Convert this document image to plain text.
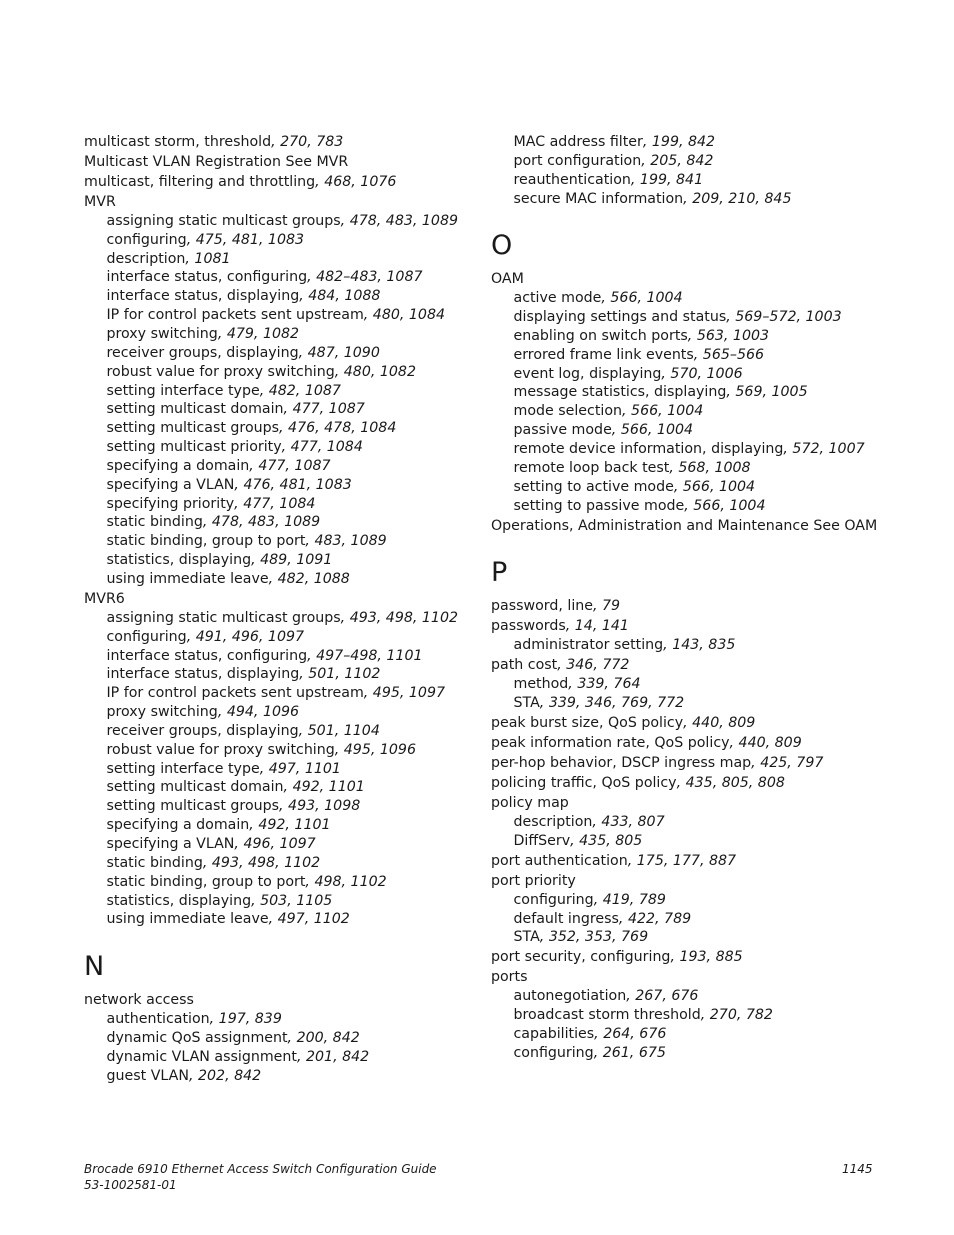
multicast storm, threshold, 270, 783
Multicast VLAN Registration See MVR
multicast, filtering and throttling, 468, 1076
MVR
assigning static multicast groups, 478, 483, 1089
configuring, 475, 481, 1083
description, 1081
interface status, configuring, 482–483, 1087
interface status, displaying, 484, 1088
IP for control packets sent upstream, 480, 1084
proxy switching, 479, 1082
receiver groups, displaying, 487, 1090
robust value for proxy switching, 480, 1082
setting interface type, 482, 1087
setting multicast domain, 477, 1087
setting multicast groups, 476, 478, 1084
setting multicast priority, 477, 1084
specifying a domain, 477, 1087
specifying a VLAN, 476, 481, 1083
specifying priority, 477, 1084
static binding, 478, 483, 1089
static binding, group to port, 483, 1089
statistics, displaying, 489, 1091
using immediate leave, 482, 1088
MVR6
assigning static multicast groups, 493, 498, 1102
configuring, 491, 496, 1097
interface status, configuring, 497–498, 1101
interface status, displaying, 501, 1102
IP for control packets sent upstream, 495, 1097
proxy switching, 494, 1096
receiver groups, displaying, 501, 1104
robust value for proxy switching, 495, 1096
setting interface type, 497, 1101
setting multicast domain, 492, 1101
setting multicast groups, 493, 1098
specifying a domain, 492, 1101
specifying a VLAN, 496, 1097
static binding, 493, 498, 1102
static binding, group to port, 498, 1102
statistics, displaying, 503, 1105
using immediate leave, 497, 1102
N
network access
authentication, 197, 839
dynamic QoS assignment, 200, 842
dynamic VLAN assignment, 201, 842
guest VLAN, 202, 842
MAC address filter, 199, 842
port configuration, 205, 842
reauthentication, 199, 841
secure MAC information, 209, 210, 845
O
OAM
active mode, 566, 1004
displaying settings and status, 569–572, 1003
enabling on switch ports, 563, 1003
errored frame link events, 565–566
event log, displaying, 570, 1006
message statistics, displaying, 569, 1005
mode selection, 566, 1004
passive mode, 566, 1004
remote device information, displaying, 572, 1007
remote loop back test, 568, 1008
setting to active mode, 566, 1004
setting to passive mode, 566, 1004
Operations, Administration and Maintenance See OAM
P
password, line, 79
passwords, 14, 141
administrator setting, 143, 835
path cost, 346, 772
method, 339, 764
STA, 339, 346, 769, 772
peak burst size, QoS policy, 440, 809
peak information rate, QoS policy, 440, 809
per-hop behavior, DSCP ingress map, 425, 797
policing traffic, QoS policy, 435, 805, 808
policy map
description, 433, 807
DiffServ, 435, 805
port authentication, 175, 177, 887
port priority
configuring, 419, 789
default ingress, 422, 789
STA, 352, 353, 769
port security, configuring, 193, 885
ports
autonegotiation, 267, 676
broadcast storm threshold, 270, 782
capabilities, 264, 676
configuring, 261, 675
Brocade 6910 Ethernet Access Switch Configuration Guide
53-1002581-01
1145
